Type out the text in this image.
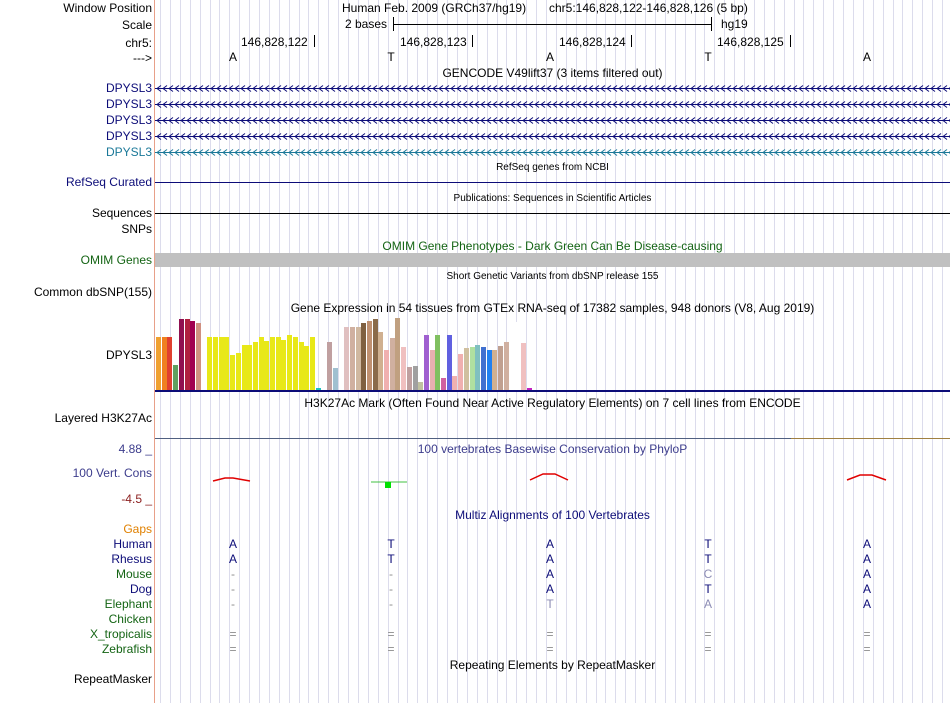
Window Position	Human Feb. 2009 (GRCh37/hg19) chr5:146,828,122-146,828,126 (5 bp)
Scale	2 bases	hg19
chr5:	146,828,122	146,828,123	146,828,124	146,828,125
--->	A	T	A	T	A
GENCODE V49lift37 (3 items filtered out)
DPYSL3
DPYSL3
DPYSL3
DPYSL3
DPYSL3
RefSeq genes from NCBI
RefSeq Curated
Publications: Sequences in Scientific Articles
Sequences
SNPs
OMIM Gene Phenotypes - Dark Green Can Be Disease-causing
OMIM Genes
Short Genetic Variants from dbSNP release 155
Common dbSNP(155)
Gene Expression in 54 tissues from GTEx RNA-seq of 17382 samples, 948 donors (V8, Aug 2019)
DPYSL3
H3K27Ac Mark (Often Found Near Active Regulatory Elements) on 7 cell lines from ENCODE
Layered H3K27Ac
100 vertebrates Basewise Conservation by PhyloP
4.88 _
100 Vert. Cons
-4.5 _
Multiz Alignments of 100 Vertebrates
Gaps
Human	A	T	A	T	A
Rhesus	A	T	A	T	A
Mouse	-	-	A	C	A
Dog	-	-	A	T	A
Elephant	-	-	T	A	A
Chicken
X_tropicalis	=	=	=	=	=
Zebrafish	=	=	=	=	=
Repeating Elements by RepeatMasker
RepeatMasker
